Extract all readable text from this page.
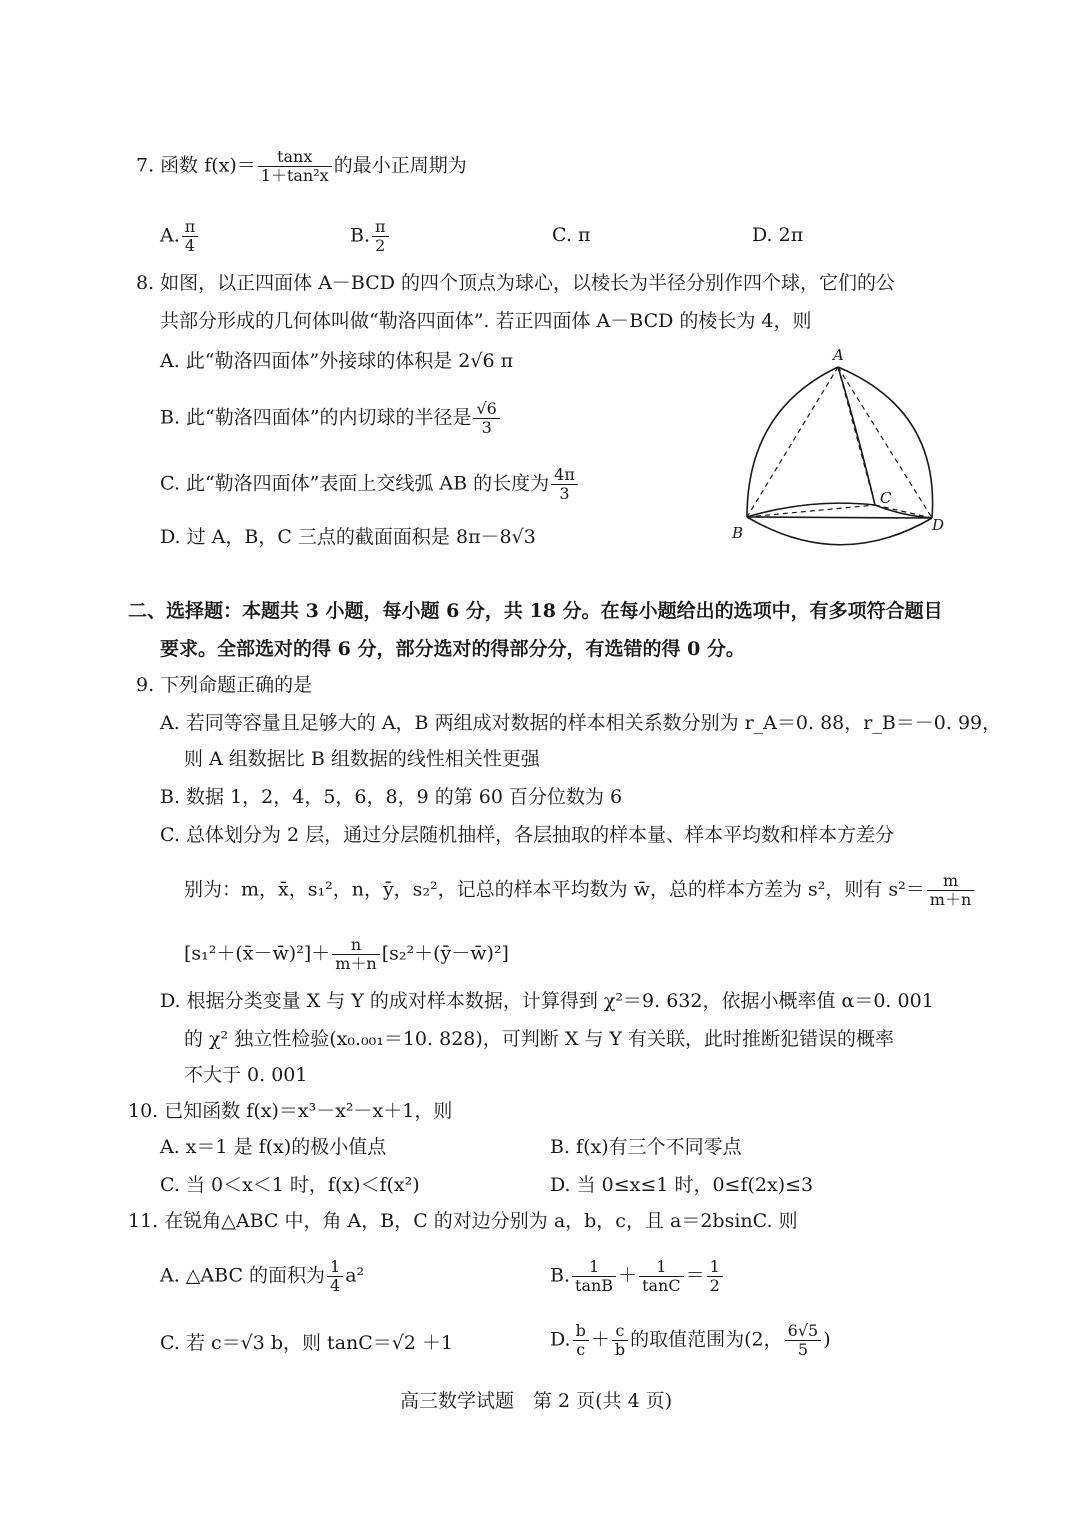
7. 函数 $f(x)= \frac{\tan x}{\text{1＋tan²x}}$ 的最小正周期为
A. $\frac{\pi}{4}$	B. $\frac{\pi}{2}$	C. π	D. 2π
8. 如图，以正四面体 A－BCD 的四个顶点为球心，以棱长为半径分别作四个球，它们的公
共部分形成的几何体叫做“勒洛四面体”. 若正四面体 A－BCD 的棱长为 4，则
A. 此“勒洛四面体”外接球的体积是 2√6 π
B. 此“勒洛四面体”的内切球的半径是 $\frac{√6}{3}$
C. 此“勒洛四面体”表面上交线弧 AB 的长度为 $\frac{4\pi}{3}$
D. 过 A，B，C 三点的截面面积是 8π－8√3
A
B
C
D
二、选择题：本题共 3 小题，每小题 6 分，共 18 分。在每小题给出的选项中，有多项符合题目
要求。全部选对的得 6 分，部分选对的得部分分，有选错的得 0 分。
9. 下列命题正确的是
A. 若同等容量且足够大的 A，B 两组成对数据的样本相关系数分别为 r_A＝0. 88，r_B＝－0. 99，
则 A 组数据比 B 组数据的线性相关性更强
B. 数据 1，2，4，5，6，8，9 的第 60 百分位数为 6
C. 总体划分为 2 层，通过分层随机抽样，各层抽取的样本量、样本平均数和样本方差分
别为：m，x̄，s₁²，n，ȳ，s₂²，记总的样本平均数为 w̄，总的样本方差为 s²，则有 $s^2= \frac{m}{m+n}$
[s₁²＋(x̄－w̄)²]＋ $\frac{n}{m+n}$ [s₂²＋(ȳ－w̄)²]
D. 根据分类变量 X 与 Y 的成对样本数据，计算得到 χ²＝9. 632，依据小概率值 α＝0. 001
的 χ² 独立性检验(x₀.₀₀₁＝10. 828)，可判断 X 与 Y 有关联，此时推断犯错误的概率
不大于 0. 001
10. 已知函数 f(x)＝x³－x²－x＋1，则
A. x＝1 是 f(x)的极小值点	B. f(x)有三个不同零点
C. 当 0＜x＜1 时，f(x)＜f(x²)	D. 当 0≤x≤1 时，0≤f(2x)≤3
11. 在锐角△ABC 中，角 A，B，C 的对边分别为 a，b，c，且 a＝2bsinC. 则
A. △ABC 的面积为 $\frac{1}{4} a^2$	B. $\frac{1}{\tan B} + \frac{1}{\tan C} = \frac{1}{2}$
C. 若 c＝√3 b，则 tanC＝√2 ＋1	D. $\frac{b}{c} + \frac{c}{b}$ 的取值范围为(2， $\frac{6√5}{5}$ )
高三数学试题　第 2 页(共 4 页)
